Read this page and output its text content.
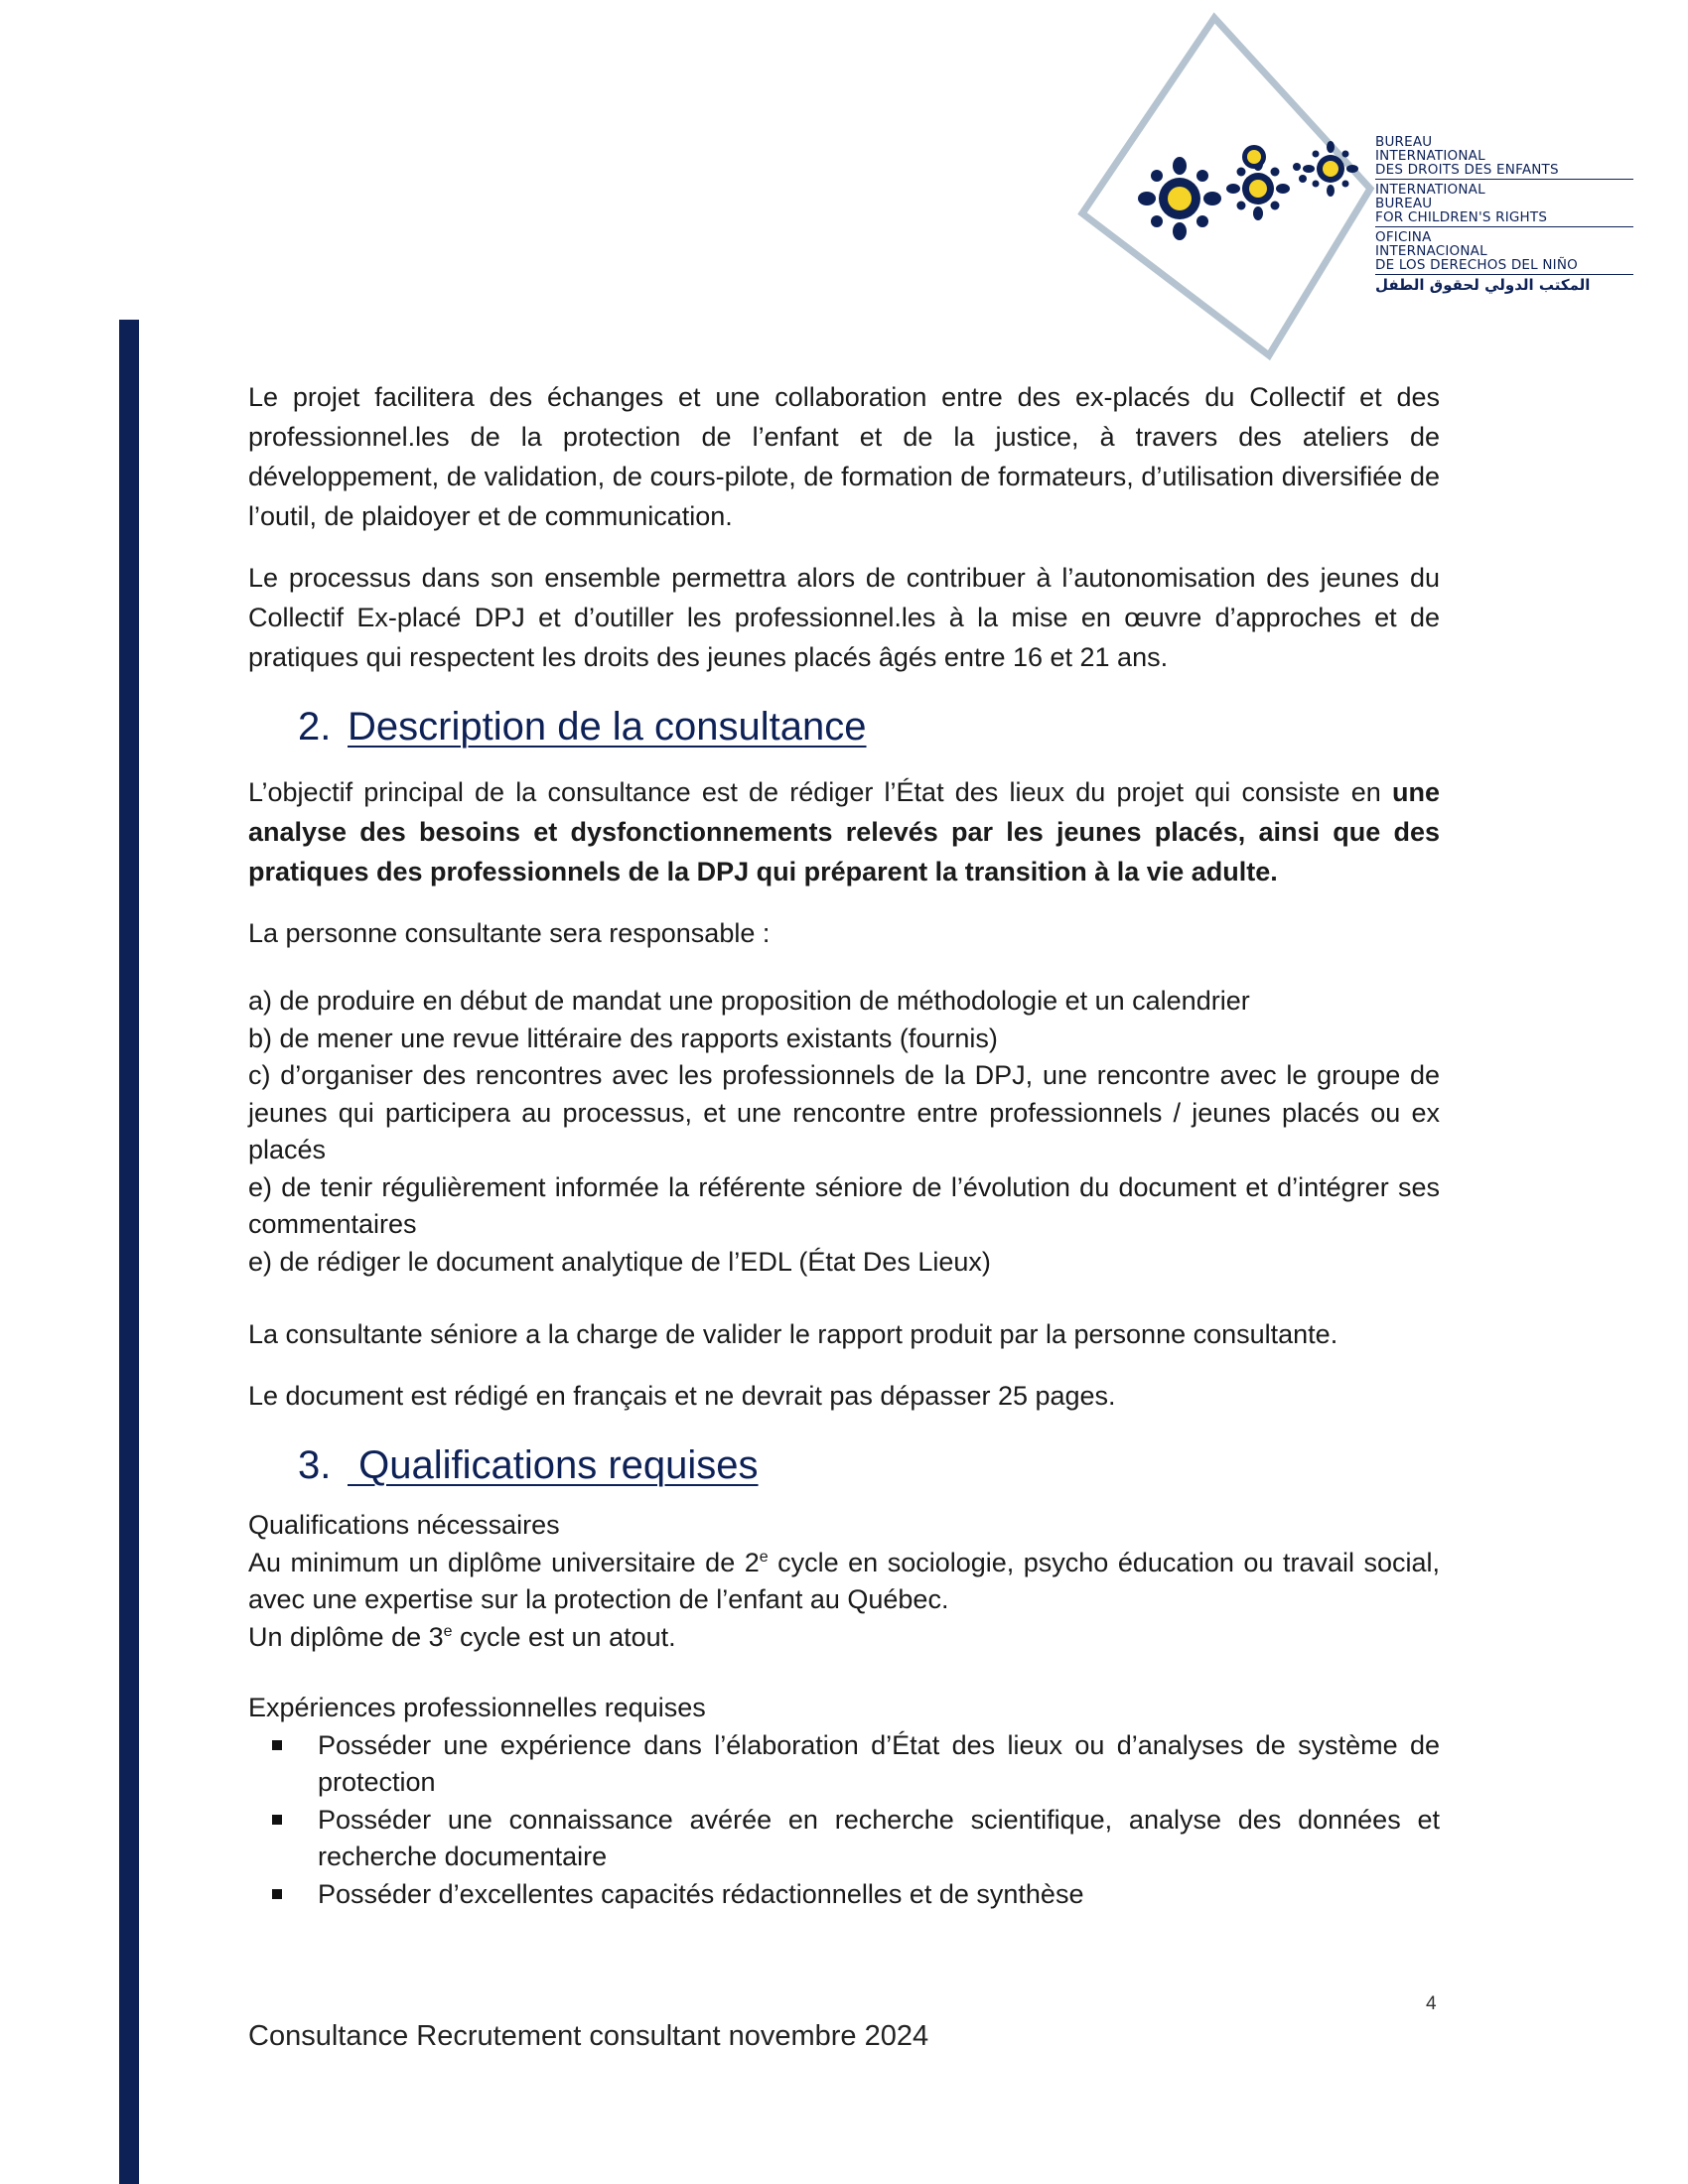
BUREAU
INTERNATIONAL
DES DROITS DES ENFANTS
INTERNATIONAL
BUREAU
FOR CHILDREN'S RIGHTS
OFICINA
INTERNACIONAL
DE LOS DERECHOS DEL NIÑO
المكتب الدولي لحقوق الطفل

Le projet facilitera des échanges et une collaboration entre des ex-placés du Collectif et des professionnel.les de la protection de l’enfant et de la justice, à travers des ateliers de développement, de validation, de cours-pilote, de formation de formateurs, d’utilisation diversifiée de l’outil, de plaidoyer et de communication.

Le processus dans son ensemble permettra alors de contribuer à l’autonomisation des jeunes du Collectif Ex-placé DPJ et d’outiller les professionnel.les à la mise en œuvre d’approches et de pratiques qui respectent les droits des jeunes placés âgés entre 16 et 21 ans.

2. Description de la consultance

L’objectif principal de la consultance est de rédiger l’État des lieux du projet qui consiste en une analyse des besoins et dysfonctionnements relevés par les jeunes placés, ainsi que des pratiques des professionnels de la DPJ qui préparent la transition à la vie adulte.

La personne consultante sera responsable :

a) de produire en début de mandat une proposition de méthodologie et un calendrier
b) de mener une revue littéraire des rapports existants (fournis)
c) d’organiser des rencontres avec les professionnels de la DPJ, une rencontre avec le groupe de jeunes qui participera au processus, et une rencontre entre professionnels / jeunes placés ou ex placés
e) de tenir régulièrement informée la référente séniore de l’évolution du document et d’intégrer ses commentaires
e) de rédiger le document analytique de l’EDL (État Des Lieux)

La consultante séniore a la charge de valider le rapport produit par la personne consultante.

Le document est rédigé en français et ne devrait pas dépasser 25 pages.

3. Qualifications requises
Qualifications nécessaires
Au minimum un diplôme universitaire de 2e cycle en sociologie, psycho éducation ou travail social, avec une expertise sur la protection de l’enfant au Québec.
Un diplôme de 3e cycle est un atout.
Expériences professionnelles requises
Posséder une expérience dans l’élaboration d’État des lieux ou d’analyses de système de protection
Posséder une connaissance avérée en recherche scientifique, analyse des données et recherche documentaire
Posséder d’excellentes capacités rédactionnelles et de synthèse
4
Consultance Recrutement consultant novembre 2024
